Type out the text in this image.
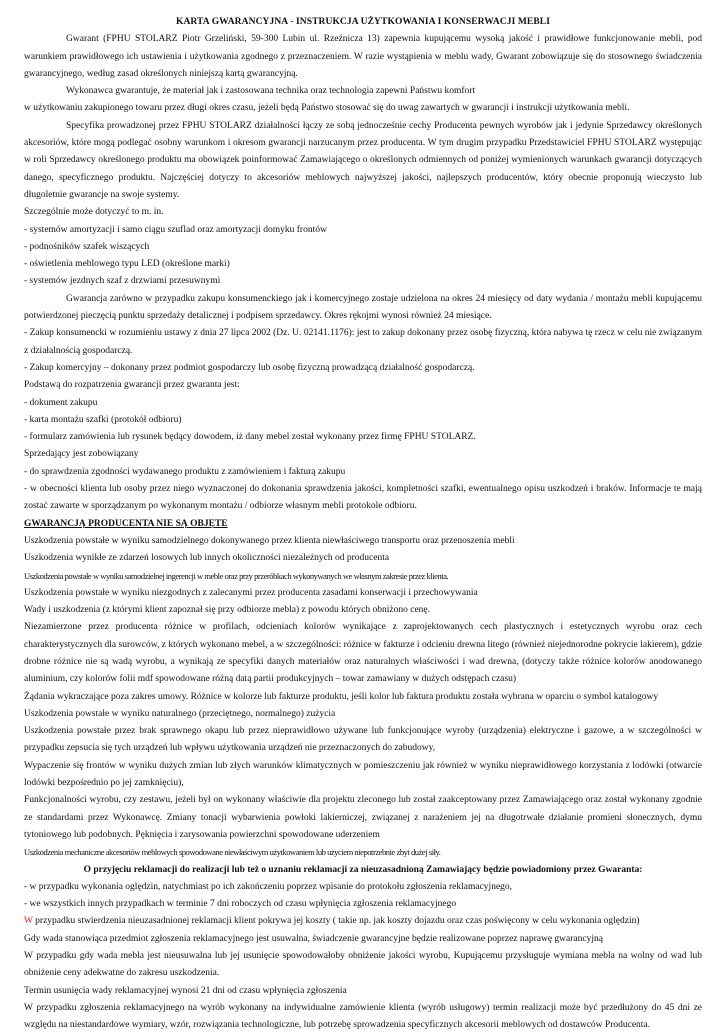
KARTA GWARANCYJNA - INSTRUKCJA UŻYTKOWANIA I KONSERWACJI MEBLI

Gwarant (FPHU STOLARZ Piotr Grzeliński, 59-300 Lubin ul. Rzeźnicza 13) zapewnia kupującemu wysoką jakość i prawidłowe funkcjonowanie mebli, pod warunkiem prawidłowego ich ustawienia i użytkowania zgodnego z przeznaczeniem. W razie wystąpienia w meblu wady, Gwarant zobowiązuje się do stosownego świadczenia gwarancyjnego, według zasad określonych niniejszą kartą gwarancyjną.

Wykonawca gwarantuje, że materiał jak i zastosowana technika oraz technologia zapewni Państwu komfort

w użytkowaniu zakupionego towaru przez długi okres czasu, jeżeli będą Państwo stosować się do uwag zawartych w gwarancji i instrukcji użytkowania mebli.

Specyfika prowadzonej przez FPHU STOLARZ działalności łączy ze sobą jednocześnie cechy Producenta pewnych wyrobów jak i jedynie Sprzedawcy określonych akcesoriów, które mogą podlegać osobny warunkom i okresom gwarancji narzucanym przez producenta. W tym drugim przypadku Przedstawiciel FPHU STOLARZ występując w roli Sprzedawcy określonego produktu ma obowiązek poinformować Zamawiającego o określonych odmiennych od poniżej wymienionych warunkach gwarancji dotyczących danego, specyficznego produktu. Najczęściej dotyczy to akcesoriów meblowych najwyższej jakości, najlepszych producentów, który obecnie proponują wieczysto lub długoletnie gwarancje na swoje systemy.

Szczególnie może dotyczyć to m. in.

- systemów amortyzacji i samo ciągu szuflad oraz amortyzacji domyku frontów

- podnośników szafek wiszących

- oświetlenia meblowego typu LED (określone marki)

- systemów jezdnych szaf z drzwiami przesuwnymi

Gwarancja zarówno w przypadku zakupu konsumenckiego jak i komercyjnego zostaje udzielona na okres 24 miesięcy od daty wydania / montażu mebli kupującemu potwierdzonej pieczęcią punktu sprzedaży detalicznej i podpisem sprzedawcy. Okres rękojmi wynosi również 24 miesiące.

- Zakup konsumencki w rozumieniu ustawy z dnia 27 lipca 2002 (Dz. U. 02141.1176): jest to zakup dokonany przez osobę fizyczną, która nabywa tę rzecz w celu nie związanym z działalnością gospodarczą.

- Zakup komercyjny – dokonany przez podmiot gospodarczy lub osobę fizyczną prowadzącą działalność gospodarczą.

Podstawą do rozpatrzenia gwarancji przez gwaranta jest:

- dokument zakupu

- karta montażu szafki (protokół odbioru)

- formularz zamówienia lub rysunek będący dowodem, iż dany mebel został wykonany przez firmę FPHU STOLARZ.

Sprzedający jest zobowiązany

- do sprawdzenia zgodności wydawanego produktu z zamówieniem i fakturą zakupu

- w obecności klienta lub osoby przez niego wyznaczonej do dokonania sprawdzenia jakości, kompletności szafki, ewentualnego opisu uszkodzeń i braków. Informacje te mają zostać zawarte w sporządzanym po wykonanym montażu / odbiorze własnym mebli protokole odbioru.

GWARANCJĄ PRODUCENTA NIE SĄ OBJĘTE

Uszkodzenia powstałe w wyniku samodzielnego dokonywanego przez klienta niewłaściwego transportu oraz przenoszenia mebli

Uszkodzenia wynikłe ze zdarzeń losowych lub innych okoliczności niezależnych od producenta

Uszkodzenia powstałe w wyniku samodzielnej ingerencji w meble oraz przy przeróbkach wykonywanych we własnym zakresie przez klienta.

Uszkodzenia powstałe w wyniku niezgodnych z zalecanymi przez producenta zasadami konserwacji i przechowywania

Wady i uszkodzenia (z którymi klient zapoznał się przy odbiorze mebla) z powodu których obniżono cenę.

Niezamierzone przez producenta różnice w profilach, odcieniach kolorów wynikające z zaprojektowanych cech plastycznych i estetycznych wyrobu oraz cech charakterystycznych dla surowców, z których wykonano mebel, a w szczególności: różnice w fakturze i odcieniu drewna litego (również niejednorodne pokrycie lakierem), gdzie drobne różnice nie są wadą wyrobu, a wynikają ze specyfiki danych materiałów oraz naturalnych właściwości i wad drewna, (dotyczy także różnice kolorów anodowanego aluminium, czy kolorów folii mdf spowodowane różną datą partii produkcyjnych – towar zamawiany w dużych odstępach czasu)

Żądania wykraczające poza zakres umowy. Różnice w kolorze lub fakturze produktu, jeśli kolor lub faktura produktu została wybrana w oparciu o symbol katalogowy

Uszkodzenia powstałe w wyniku naturalnego (przeciętnego, normalnego) zużycia

Uszkodzenia powstałe przez brak sprawnego okapu lub przez nieprawidłowo używane lub funkcjonujące wyroby (urządzenia) elektryczne i gazowe, a w szczególności w przypadku zepsucia się tych urządzeń lub wpływu użytkowania urządzeń nie przeznaczonych do zabudowy,

Wypaczenie się frontów w wyniku dużych zmian lub złych warunków klimatycznych w pomieszczeniu jak również w wyniku nieprawidłowego korzystania z lodówki (otwarcie lodówki bezpośrednio po jej zamknięciu),

Funkcjonalności wyrobu, czy zestawu, jeżeli był on wykonany właściwie dla projektu zleconego lub został zaakceptowany przez Zamawiającego oraz został wykonany zgodnie ze standardami przez Wykonawcę. Zmiany tonacji wybarwienia powłoki lakierniczej, związanej z narażeniem jej na długotrwałe działanie promieni słonecznych, dymu tytoniowego lub podobnych. Pęknięcia i zarysowania powierzchni spowodowane uderzeniem

Uszkodzenia mechaniczne akcesoriów meblowych spowodowane niewłaściwym użytkowaniem lub użyciem niepotrzebnie zbyt dużej siły.

O przyjęciu reklamacji do realizacji lub też o uznaniu reklamacji za nieuzasadnioną Zamawiający będzie powiadomiony przez Gwaranta:

- w przypadku wykonania oględzin, natychmiast po ich zakończeniu poprzez wpisanie do protokołu zgłoszenia reklamacyjnego,

- we wszystkich innych przypadkach w terminie 7 dni roboczych od czasu wpłynięcia zgłoszenia reklamacyjnego

W przypadku stwierdzenia nieuzasadnionej reklamacji klient pokrywa jej koszty ( takie np. jak koszty dojazdu oraz czas poświęcony w celu wykonania oględzin)

Gdy wada stanowiąca przedmiot zgłoszenia reklamacyjnego jest usuwalna, świadczenie gwarancyjne będzie realizowane poprzez naprawę gwarancyjną

W przypadku gdy wada mebla jest nieusuwalna lub jej usunięcie spowodowałoby obniżenie jakości wyrobu, Kupującemu przysługuje wymiana mebla na wolny od wad lub obniżenie ceny adekwatne do zakresu uszkodzenia.

Termin usunięcia wady reklamacyjnej wynosi 21 dni od czasu wpłynięcia zgłoszenia

W przypadku zgłoszenia reklamacyjnego na wyrób wykonany na indywidualne zamówienie klienta (wyrób usługowy) termin realizacji może być przedłużony do 45 dni ze względu na niestandardowe wymiary, wzór, rozwiązania technologiczne, lub potrzebę sprowadzenia specyficznych akcesorii meblowych od dostawców Producenta.
